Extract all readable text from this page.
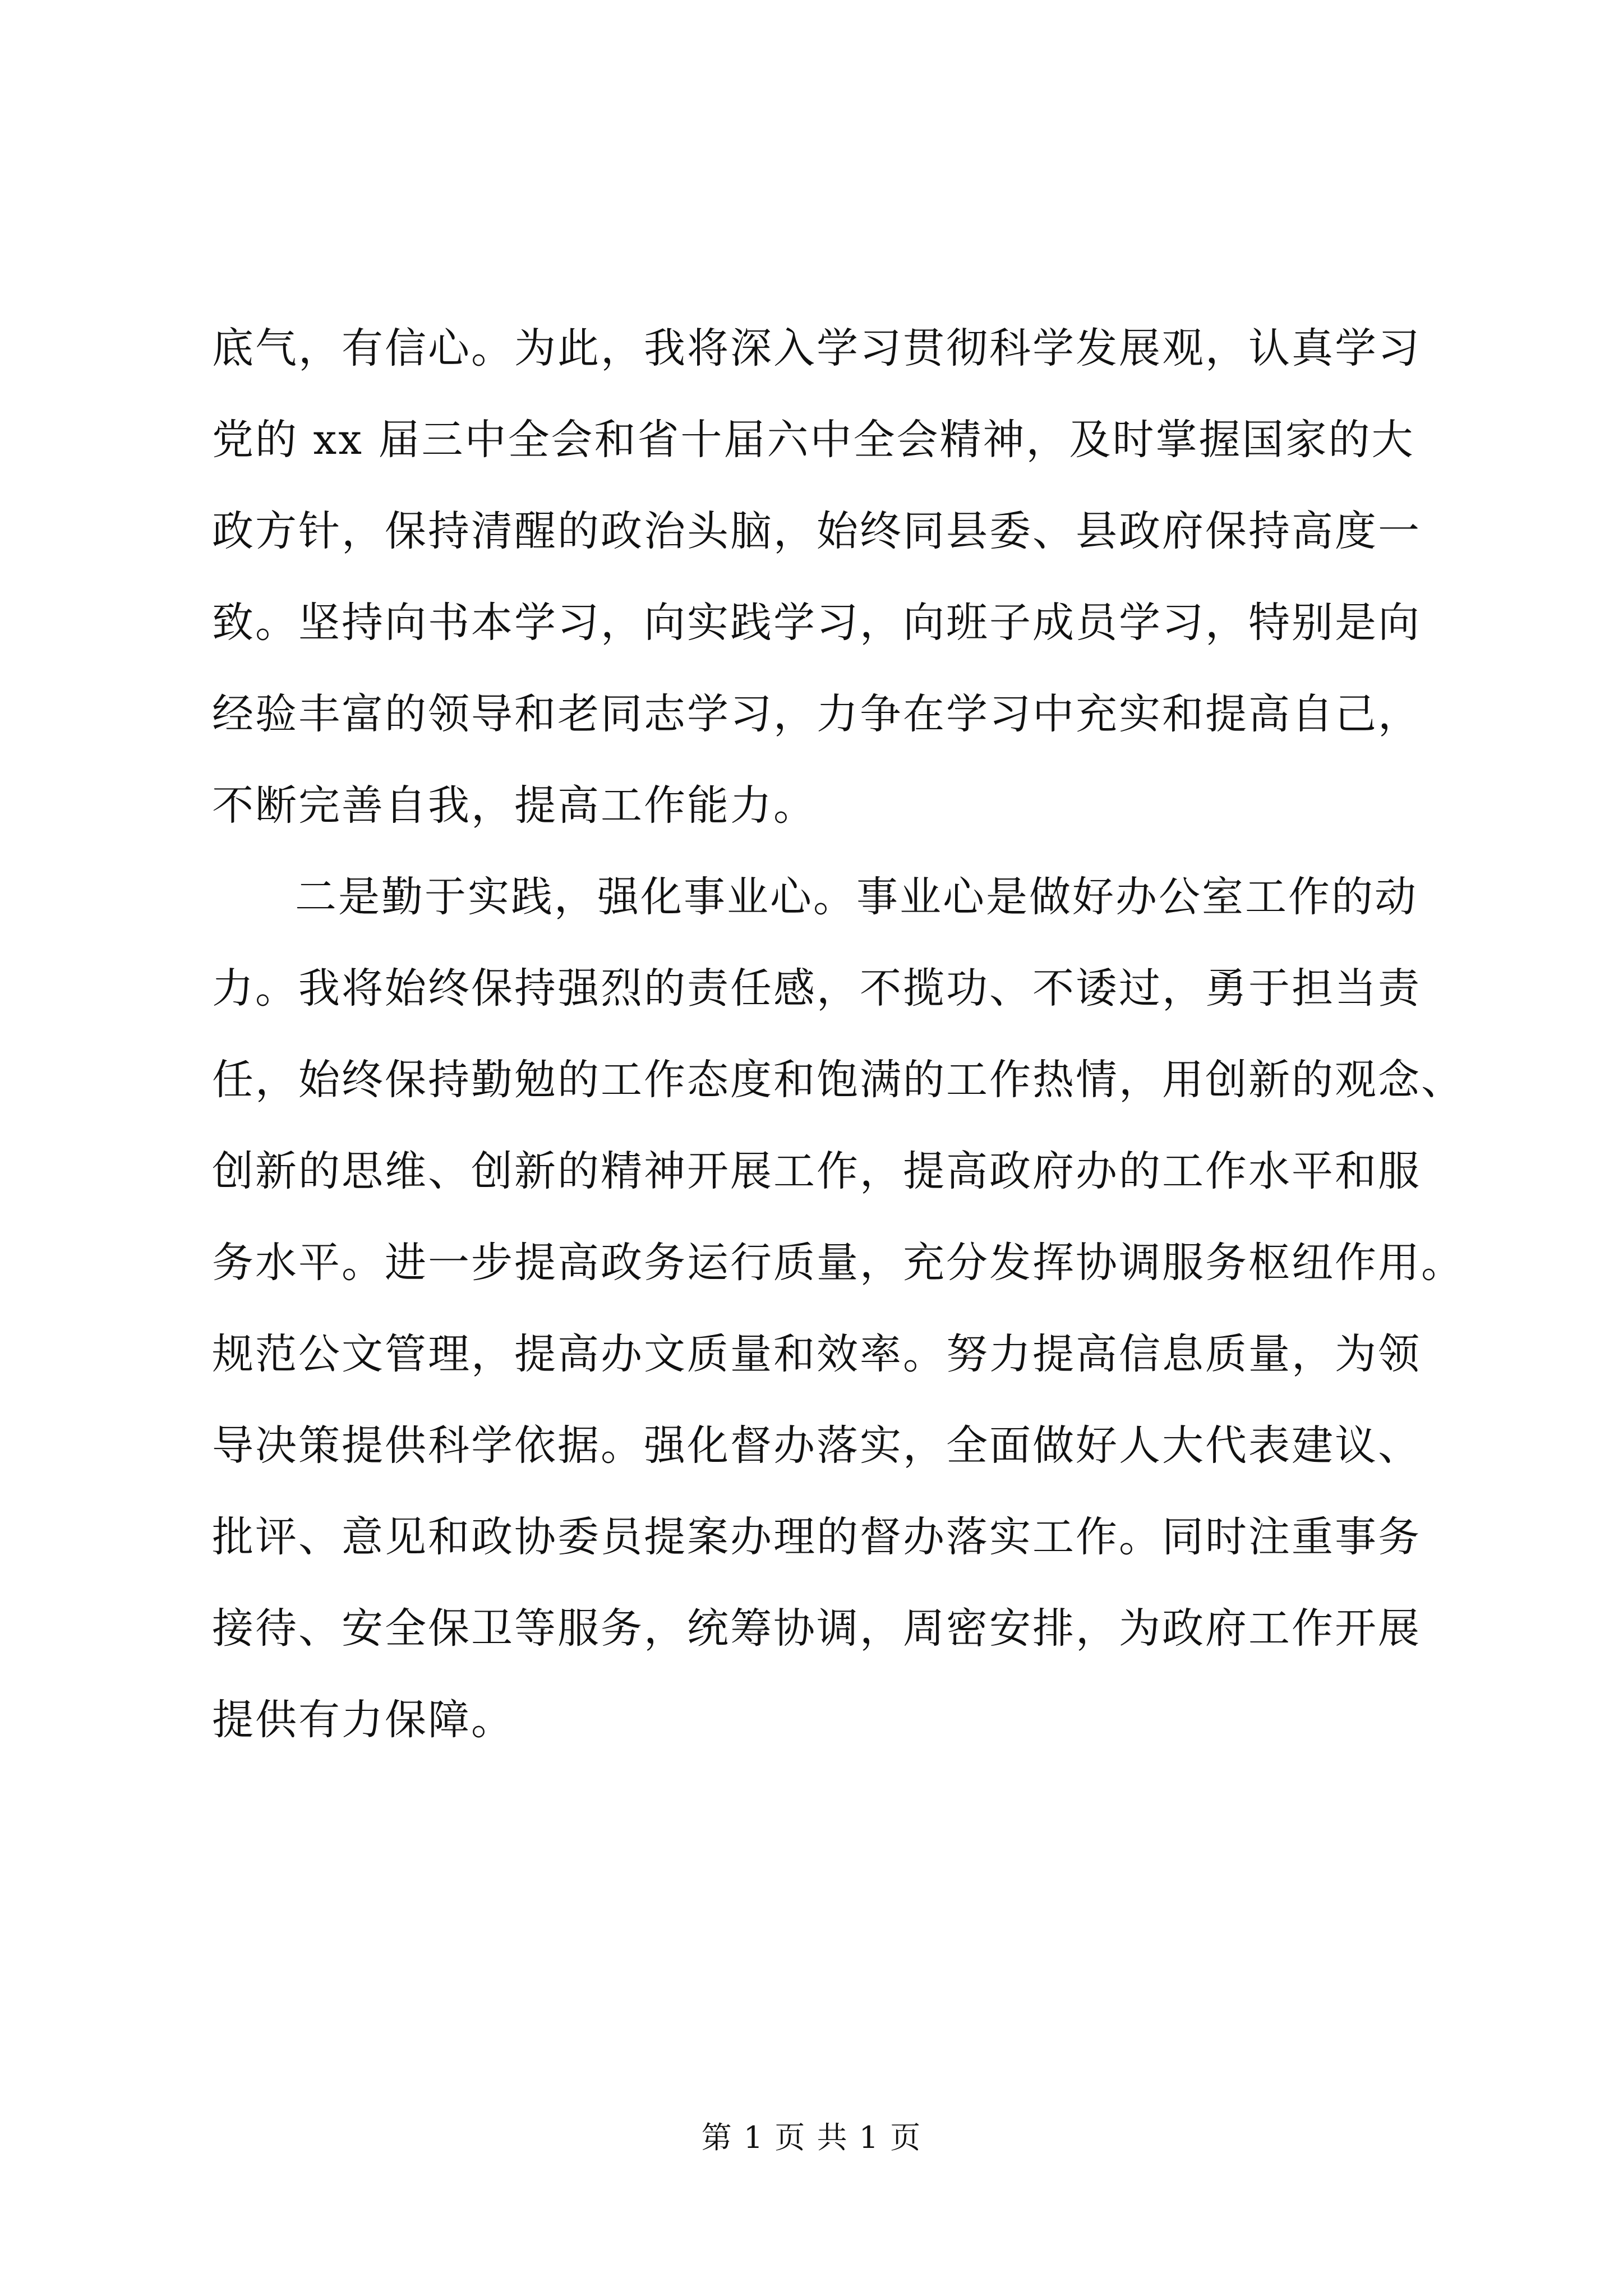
底气，有信心。为此，我将深入学习贯彻科学发展观，认真学习
党的 xx 届三中全会和省十届六中全会精神，及时掌握国家的大
政方针，保持清醒的政治头脑，始终同县委、县政府保持高度一
致。坚持向书本学习，向实践学习，向班子成员学习，特别是向
经验丰富的领导和老同志学习，力争在学习中充实和提高自己，
不断完善自我，提高工作能力。
二是勤于实践，强化事业心。事业心是做好办公室工作的动
力。我将始终保持强烈的责任感，不揽功、不诿过，勇于担当责
任，始终保持勤勉的工作态度和饱满的工作热情，用创新的观念、
创新的思维、创新的精神开展工作，提高政府办的工作水平和服
务水平。进一步提高政务运行质量，充分发挥协调服务枢纽作用。
规范公文管理，提高办文质量和效率。努力提高信息质量，为领
导决策提供科学依据。强化督办落实，全面做好人大代表建议、
批评、意见和政协委员提案办理的督办落实工作。同时注重事务
接待、安全保卫等服务，统筹协调，周密安排，为政府工作开展
提供有力保障。
第 1 页 共 1 页
